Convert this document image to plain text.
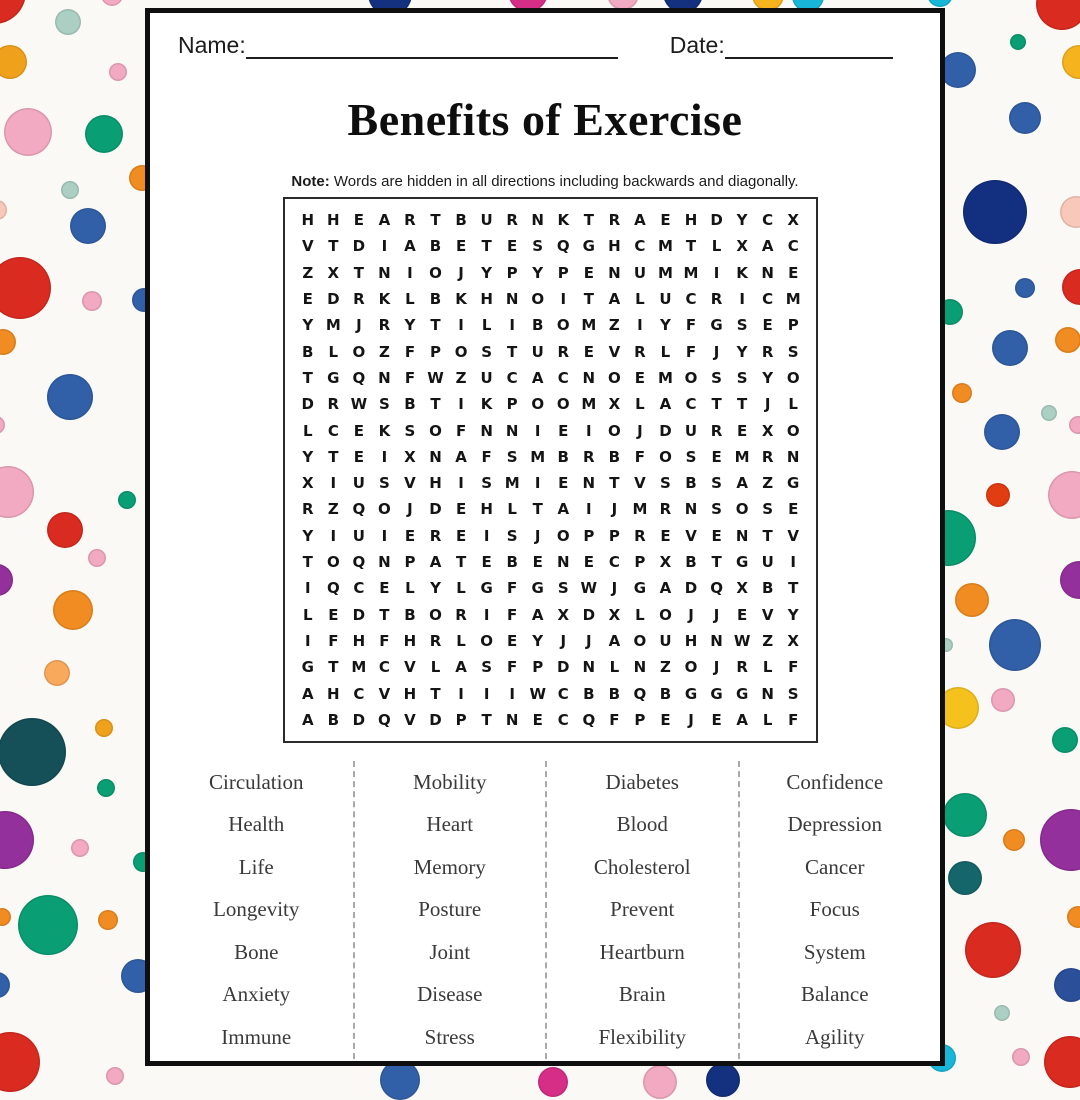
Name:	Date:
Benefits of Exercise
Note: Words are hidden in all directions including backwards and diagonally.
H H E A R T B U R N K T R A E H D Y C X
V T D	I	A B E	T	E	S Q G H C M T	L X A C
Z X T N	I	O	J	Y P Y P E N U M M	I	K N E
E D R K L	B K H N O	I	T A L U C R	I	C M
Y M	J	R Y	T	I	L	I	B O M Z	I	Y	F G S	E P
B	L O Z F P O S	T U R E V R L	F	J	Y R S
T G Q N F W Z U C A C N O E M O S S Y O
D R W S B T	I	K P O O M X L A C T	T	J	L
L	C E K S O F N N	I	E	I	O	J	D U R E X O
Y	T	E	I	X N A F	S M B R B F O S	E M R N
X	I	U S V H	I	S M	I	E N T V S B S A Z G
R Z Q O	J	D E H L	T A	I	J	M R N S O S	E
Y	I	U	I	E R E	I	S	J	O P P R E V E N T V
T O Q N P A T	E B E N E C P X B T G U	I
I	Q C E	L	Y	L G F G S W J	G A D Q X B T
L	E D T B O R	I	F A X D X L O	J	J	E V Y
I	F H F H R L O E Y	J	J	A O U H N W Z X
G T M C V L A S	F P D N L N Z O	J	R L	F
A H C V H T	I	I	I W C B B Q B G G G N S
A B D Q V D P T N E C Q F P E	J	E A L	F
Circulation
Health
Life
Longevity
Bone
Anxiety
Immune
Mobility
Heart
Memory
Posture
Joint
Disease
Stress
Diabetes
Blood
Cholesterol
Prevent
Heartburn
Brain
Flexibility
Confidence
Depression
Cancer
Focus
System
Balance
Agility
